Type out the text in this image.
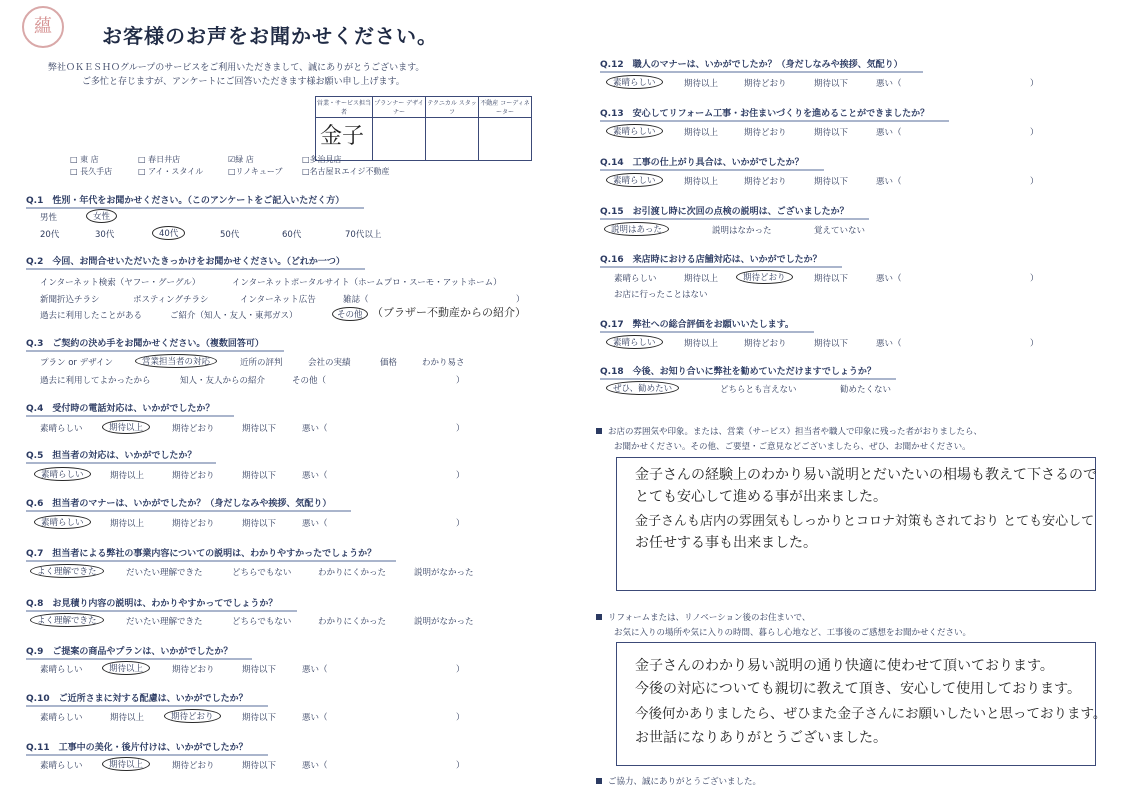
蘊	お客様のお声をお聞かせください。
弊社ＯＫＥＳＨＯグループのサービスをご利用いただきまして、誠にありがとうございます。
ご多忙と存じますが、アンケートにご回答いただきます様お願い申し上げます。
営業・サービス担当者	プランナー デザイナー	テクニカル スタッフ	不動産 コーディネーター
金子			
□ 東 店	□ 春日井店	☑緑 店	□多治見店
□ 長久手店	□ アイ・スタイル	□リノキューブ □名古屋Ｒエイジ不動産
Q.1　性別・年代をお聞かせください。（このアンケートをご記入いただく方）
男性	女性
20代	30代	40代	50代	60代	70代以上
Q.2　今回、お問合せいただいたきっかけをお聞かせください。（どれか一つ）
インターネット検索（ヤフー・グーグル）	インターネットポータルサイト（ホームプロ・スーモ・アットホーム）
新聞折込チラシ	ポスティングチラシ	インターネット広告	雑誌（	）
過去に利用したことがある	ご紹介（知人・友人・東邦ガス）	その他 （ブラザー不動産からの紹介）
Q.3　ご契約の決め手をお聞かせください。（複数回答可）
プラン or デザイン	営業担当者の対応	近所の評判	会社の実績	価格	わかり易さ
過去に利用してよかったから	知人・友人からの紹介	その他（	）
Q.4　受付時の電話対応は、いかがでしたか？
素晴らしい	期待以上	期待どおり	期待以下	悪い（	）
Q.5　担当者の対応は、いかがでしたか？
素晴らしい	期待以上	期待どおり	期待以下	悪い（	）
Q.6　担当者のマナーは、いかがでしたか？（身だしなみや挨拶、気配り）
素晴らしい	期待以上	期待どおり	期待以下	悪い（	）
Q.7　担当者による弊社の事業内容についての説明は、わかりやすかったでしょうか？
よく理解できた	だいたい理解できた	どちらでもない	わかりにくかった	説明がなかった
Q.8　お見積り内容の説明は、わかりやすかってでしょうか？
よく理解できた	だいたい理解できた	どちらでもない	わかりにくかった	説明がなかった
Q.9　ご提案の商品やプランは、いかがでしたか？
素晴らしい	期待以上	期待どおり	期待以下	悪い（	）
Q.10　ご近所さまに対する配慮は、いかがでしたか？
素晴らしい	期待以上	期待どおり	期待以下	悪い（	）
Q.11　工事中の美化・後片付けは、いかがでしたか？
素晴らしい	期待以上	期待どおり	期待以下	悪い（	）
Q.12　職人のマナーは、いかがでしたか？（身だしなみや挨拶、気配り）
素晴らしい	期待以上	期待どおり	期待以下	悪い（	）
Q.13　安心してリフォーム工事・お住まいづくりを進めることができましたか？
素晴らしい	期待以上	期待どおり	期待以下	悪い（	）
Q.14　工事の仕上がり具合は、いかがでしたか？
素晴らしい	期待以上	期待どおり	期待以下	悪い（	）
Q.15　お引渡し時に次回の点検の説明は、ございましたか？
説明はあった	説明はなかった	覚えていない
Q.16　来店時における店舗対応は、いかがでしたか？
素晴らしい	期待以上	期待どおり	期待以下	悪い（	）
お店に行ったことはない
Q.17　弊社への総合評価をお願いいたします。
素晴らしい	期待以上	期待どおり	期待以下	悪い（	）
Q.18　今後、お知り合いに弊社を勧めていただけますでしょうか？
ぜひ、勧めたい	どちらとも言えない	勧めたくない
お店の雰囲気や印象。または、営業（サービス）担当者や職人で印象に残った者がおりましたら、
お聞かせください。その他、ご要望・ご意見などございましたら、ぜひ、お聞かせください。
金子さんの経験上のわかり易い説明とだいたいの相場も教えて下さるので
とても安心して進める事が出来ました。
金子さんも店内の雰囲気もしっかりとコロナ対策もされており とても安心して
お任せする事も出来ました。
リフォームまたは、リノベーション後のお住まいで、
お気に入りの場所や気に入りの時間、暮らし心地など、工事後のご感想をお聞かせください。
金子さんのわかり易い説明の通り快適に使わせて頂いております。
今後の対応についても親切に教えて頂き、安心して使用しております。
今後何かありましたら、ぜひまた金子さんにお願いしたいと思っております。
お世話になりありがとうございました。
ご協力、誠にありがとうございました。
